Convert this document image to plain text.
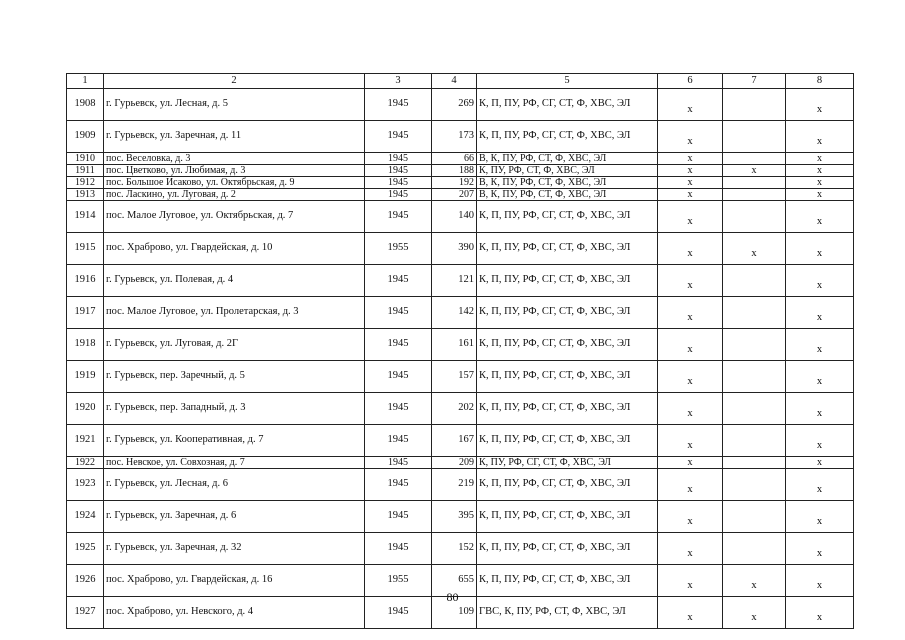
1	2	3	4	5	6	7	8
1908	г. Гурьевск, ул. Лесная, д. 5	1945	269	К, П, ПУ, РФ, СГ, СТ, Ф, ХВС, ЭЛ	x		x
1909	г. Гурьевск, ул. Заречная, д. 11	1945	173	К, П, ПУ, РФ, СГ, СТ, Ф, ХВС, ЭЛ	x		x
1910	пос. Веселовка, д. 3	1945	66	В, К, ПУ, РФ, СТ, Ф, ХВС, ЭЛ	x		x
1911	пос. Цветково, ул. Любимая, д. 3	1945	188	К, ПУ, РФ, СТ, Ф, ХВС, ЭЛ	x	x	x
1912	пос. Большое Исаково, ул. Октябрьская, д. 9	1945	192	В, К, ПУ, РФ, СТ, Ф, ХВС, ЭЛ	x		x
1913	пос. Ласкино, ул. Луговая, д. 2	1945	207	В, К, ПУ, РФ, СТ, Ф, ХВС, ЭЛ	x		x
1914	пос. Малое Луговое, ул. Октябрьская, д. 7	1945	140	К, П, ПУ, РФ, СГ, СТ, Ф, ХВС, ЭЛ	x		x
1915	пос. Храброво, ул. Гвардейская, д. 10	1955	390	К, П, ПУ, РФ, СГ, СТ, Ф, ХВС, ЭЛ	x	x	x
1916	г. Гурьевск, ул. Полевая, д. 4	1945	121	К, П, ПУ, РФ, СГ, СТ, Ф, ХВС, ЭЛ	x		x
1917	пос. Малое Луговое, ул. Пролетарская, д. 3	1945	142	К, П, ПУ, РФ, СГ, СТ, Ф, ХВС, ЭЛ	x		x
1918	г. Гурьевск, ул. Луговая, д. 2Г	1945	161	К, П, ПУ, РФ, СГ, СТ, Ф, ХВС, ЭЛ	x		x
1919	г. Гурьевск, пер. Заречный, д. 5	1945	157	К, П, ПУ, РФ, СГ, СТ, Ф, ХВС, ЭЛ	x		x
1920	г. Гурьевск, пер. Западный, д. 3	1945	202	К, П, ПУ, РФ, СГ, СТ, Ф, ХВС, ЭЛ	x		x
1921	г. Гурьевск, ул. Кооперативная, д. 7	1945	167	К, П, ПУ, РФ, СГ, СТ, Ф, ХВС, ЭЛ	x		x
1922	пос. Невское, ул. Совхозная, д. 7	1945	209	К, ПУ, РФ, СГ, СТ, Ф, ХВС, ЭЛ	x		x
1923	г. Гурьевск, ул. Лесная, д. 6	1945	219	К, П, ПУ, РФ, СГ, СТ, Ф, ХВС, ЭЛ	x		x
1924	г. Гурьевск, ул. Заречная, д. 6	1945	395	К, П, ПУ, РФ, СГ, СТ, Ф, ХВС, ЭЛ	x		x
1925	г. Гурьевск, ул. Заречная, д. 32	1945	152	К, П, ПУ, РФ, СГ, СТ, Ф, ХВС, ЭЛ	x		x
1926	пос. Храброво, ул. Гвардейская, д. 16	1955	655	К, П, ПУ, РФ, СГ, СТ, Ф, ХВС, ЭЛ	x	x	x
1927	пос. Храброво, ул. Невского, д. 4	1945	109	ГВС, К, ПУ, РФ, СТ, Ф, ХВС, ЭЛ	x	x	x
80
